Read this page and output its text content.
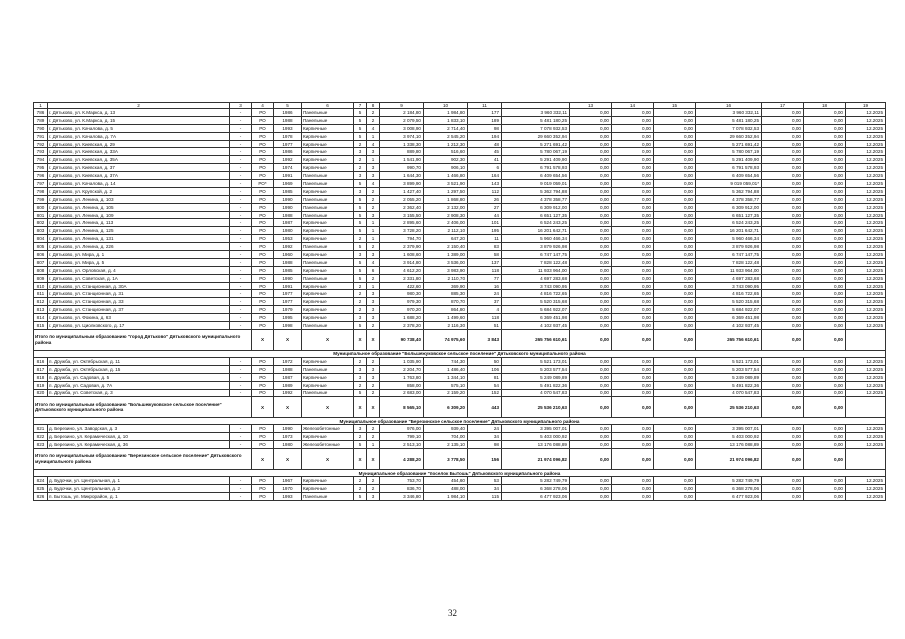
1	2	3	4	5	6	7	8	9	10	11		13	14	15	16	17	18	19
786	г. Дятьково, ул. К.Маркса, д. 13	-	РО	1986	Панельные	5	2	2 184,80	1 984,80	177	3 960 332,11	0,00	0,00	0,00	3 960 332,11	0,00	0,00	12.2025
789	г. Дятьково, ул. К.Маркса, д. 15	-	РО	1988	Панельные	5	2	2 079,50	1 833,10	189	5 481 180,25	0,00	0,00	0,00	5 481 180,25	0,00	0,00	12.2025
790	г. Дятьково, ул. Качалова, д. 5	-	РО	1993	Кирпичные	5	4	3 008,90	2 714,40	98	7 078 932,53	0,00	0,00	0,00	7 078 932,53	0,00	0,00	12.2025
791	г. Дятьково, ул. Качалова, д. 7А	-	РО	1978	Кирпичные	5	1	3 974,10	2 545,20	194	29 660 352,94	0,00	0,00	0,00	29 660 352,94	0,00	0,00	12.2025
792	г. Дятьково, ул. Киевская, д. 29	-	РО	1977	Кирпичные	2	4	1 338,30	1 212,30	48	5 271 691,42	0,00	0,00	0,00	5 271 691,42	0,00	0,00	12.2025
793	г. Дятьково, ул. Киевская, д. 33А	-	РО	1986	Кирпичные	3	3	889,80	516,60	45	5 780 067,19	0,00	0,00	0,00	5 780 067,19	0,00	0,00	12.2025
794	г. Дятьково, ул. Киевская, д. 35А	-	РО	1992	Кирпичные	2	1	1 541,90	902,30	41	5 291 409,90	0,00	0,00	0,00	5 291 409,90	0,00	0,00	12.2025
795	г. Дятьково, ул. Киевская, д. 37	-	РО	1974	Кирпичные	2	3	990,70	906,10	6	6 791 578,93	0,00	0,00	0,00	6 791 578,93	0,00	0,00	12.2025
796	г. Дятьково, ул. Киевская, д. 37А	-	РО	1991	Панельные	3	3	1 644,30	1 466,80	164	6 409 654,56	0,00	0,00	0,00	6 409 654,56	0,00	0,00	12.2025
797	г. Дятьково, ул. Качалова, д. 14	-	РО*	1969	Панельные	5	4	3 899,90	3 521,90	143	9 019 059,01	0,00	0,00	0,00	9 019 059,01*	0,00	0,00	12.2025
798	г. Дятьково, ул. Крупской, д. 2	-	РО	1985	Кирпичные	3	2	1 427,40	1 297,50	112	5 362 794,88	0,00	0,00	0,00	5 362 794,88	0,00	0,00	12.2025
799	г. Дятьково, ул. Ленина, д. 103	-	РО	1990	Панельные	5	2	2 055,20	1 868,80	26	4 378 358,77	0,00	0,00	0,00	4 378 358,77	0,00	0,00	12.2025
800	г. Дятьково, ул. Ленина, д. 105	-	РО	1990	Панельные	5	2	2 362,40	2 132,00	27	6 309 912,00	0,00	0,00	0,00	6 309 912,00	0,00	0,00	12.2025
801	г. Дятьково, ул. Ленина, д. 109	-	РО	1988	Панельные	5	3	3 155,50	2 908,30	44	6 651 127,35	0,00	0,00	0,00	6 651 127,35	0,00	0,00	12.2025
802	г. Дятьково, ул. Ленина, д. 113	-	РО	1987	Кирпичные	5	1	2 895,60	2 406,00	101	6 524 243,25	0,00	0,00	0,00	6 524 243,25	0,00	0,00	12.2025
803	г. Дятьково, ул. Ленина, д. 125	-	РО	1980	Кирпичные	5	1	3 728,20	2 112,10	195	16 201 642,71	0,00	0,00	0,00	16 201 642,71	0,00	0,00	12.2025
804	г. Дятьково, ул. Ленина, д. 131	-	РО	1953	Кирпичные	2	1	794,70	647,20	11	5 960 466,34	0,00	0,00	0,00	5 960 466,34	0,00	0,00	12.2025
805	г. Дятьково, ул. Ленина, д. 226	-	РО	1992	Панельные	5	2	2 379,90	2 150,40	83	3 879 926,98	0,00	0,00	0,00	3 879 926,98	0,00	0,00	12.2025
806	г. Дятьково, ул. Мира, д. 1	-	РО	1960	Кирпичные	3	3	1 608,60	1 389,00	58	6 747 147,75	0,00	0,00	0,00	6 747 147,75	0,00	0,00	12.2025
807	г. Дятьково, ул. Мира, д. 5	-	РО	1988	Панельные	5	4	3 914,80	3 536,00	137	7 828 122,48	0,00	0,00	0,00	7 828 122,48	0,00	0,00	12.2025
808	г. Дятьково, ул. Орловская, д. 4	-	РО	1985	Кирпичные	5	6	4 612,20	3 983,90	118	11 933 964,00	0,00	0,00	0,00	11 933 964,00	0,00	0,00	12.2025
809	г. Дятьково, ул. Советская, д. 1А	-	РО	1990	Панельные	5	2	2 331,80	2 110,70	77	4 697 283,68	0,00	0,00	0,00	4 697 283,68	0,00	0,00	12.2025
810	г. Дятьково, ул. Станционная, д. 30А	-	РО	1991	Кирпичные	2	1	422,60	369,90	16	3 743 090,95	0,00	0,00	0,00	3 743 090,95	0,00	0,00	12.2025
811	г. Дятьково, ул. Станционная, д. 31	-	РО	1977	Кирпичные	2	3	980,30	885,30	24	4 816 722,65	0,00	0,00	0,00	4 816 722,65	0,00	0,00	12.2025
812	г. Дятьково, ул. Станционная, д. 33	-	РО	1977	Кирпичные	2	3	979,30	870,70	37	5 520 315,68	0,00	0,00	0,00	5 520 315,68	0,00	0,00	12.2025
813	г. Дятьково, ул. Станционная, д. 37	-	РО	1979	Кирпичные	2	3	970,20	864,80	4	5 684 922,07	0,00	0,00	0,00	5 684 922,07	0,00	0,00	12.2025
814	г. Дятьково, ул. Фокина, д. 63	-	РО	1995	Кирпичные	3	3	1 688,20	1 499,60	118	6 369 451,98	0,00	0,00	0,00	6 369 451,98	0,00	0,00	12.2025
815	г. Дятьково, ул. Циолковского, д. 17	-	РО	1998	Панельные	5	2	2 378,20	2 116,30	51	4 102 937,45	0,00	0,00	0,00	4 102 937,45	0,00	0,00	12.2025
Итого по муниципальным образованию "город Дятьково" Дятьковского муниципального района			X	X	X	X	X	90 738,40	74 975,60	3 843	265 756 610,61	0,00	0,00	0,00	265 756 610,61	0,00	0,00	
Муниципальное образование "Большежуковское сельское поселение" Дятьковского муниципального района																		
816	п. Дружба, ул. Октябрьская, д. 11	-	РО	1972	Кирпичные	2	2	1 035,90	744,30	50	5 521 173,01	0,00	0,00	0,00	5 521 173,01	0,00	0,00	12.2025
817	п. Дружба, ул. Октябрьская, д. 15	-	РО	1988	Панельные	3	3	2 204,70	1 486,40	106	5 203 577,54	0,00	0,00	0,00	5 203 577,54	0,00	0,00	12.2025
818	п. Дружба, ул. Садовая, д. 5	-	РО	1987	Кирпичные	3	3	1 763,80	1 344,10	81	5 249 089,89	0,00	0,00	0,00	5 249 089,89	0,00	0,00	12.2025
819	п. Дружба, ул. Садовая, д. 7А	-	РО	1989	Кирпичные	2	2	858,00	575,10	54	5 491 822,36	0,00	0,00	0,00	5 491 822,36	0,00	0,00	12.2025
820	п. Дружба, ул. Советская, д. 3	-	РО	1992	Панельные	5	2	2 683,00	2 159,20	152	4 070 547,83	0,00	0,00	0,00	4 070 547,83	0,00	0,00	12.2025
Итого по муниципальным образованию "Большежуковское сельское поселение" Дятьковского муниципального района			X	X	X	X	X	8 565,10	6 309,20	443	25 536 210,63	0,00	0,00	0,00	25 536 210,63	0,00	0,00	
Муниципальное образование "Березинское сельское поселение" Дятьковского муниципального района																		
821	д. Березино, ул. Заводская, д. 3	-	РО	1990	Железобетонные	3	2	976,00	939,40	24	3 395 007,01	0,00	0,00	0,00	3 395 007,01	0,00	0,00	12.2025
822	д. Березино, ул. Керамическая, д. 10	-	РО	1973	Кирпичные	2	2	799,10	704,00	34	5 403 000,92	0,00	0,00	0,00	5 403 000,92	0,00	0,00	12.2025
823	д. Березино, ул. Керамическая, д. 36	-	РО	1980	Железобетонные	5	1	2 513,10	2 135,10	98	13 176 088,89	0,00	0,00	0,00	13 176 088,89	0,00	0,00	12.2025
Итого по муниципальным образованию "Березинское сельское поселение" Дятьковского муниципального района			X	X	X	X	X	4 288,20	3 778,50	156	21 974 096,82	0,00	0,00	0,00	21 974 096,82	0,00	0,00	
Муниципальное образование "поселок Бытошь" Дятьковского муниципального района																		
824	д. Будочки, ул. Центральная, д. 1	-	РО	1967	Кирпичные	2	2	753,70	454,60	53	5 282 749,79	0,00	0,00	0,00	5 282 749,79	0,00	0,00	12.2025
825	д. Будочки, ул. Центральная, д. 2	-	РО	1970	Кирпичные	2	2	836,70	488,00	34	6 368 278,06	0,00	0,00	0,00	6 368 278,06	0,00	0,00	12.2025
826	п. Бытошь, ул. Микрорайон, д. 1	-	РО	1993	Панельные	5	3	3 346,80	1 984,10	115	6 477 923,06	0,00	0,00	0,00	6 477 923,06	0,00	0,00	12.2025
32
